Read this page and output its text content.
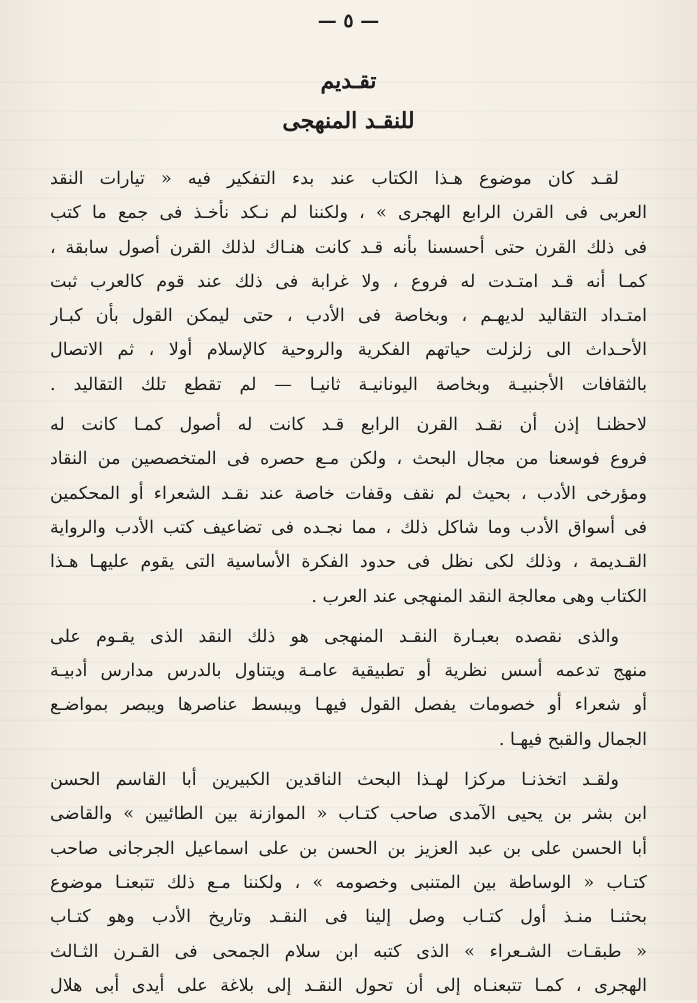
— ٥ —
تقـديم
للنقـد المنهجى

لقـد كان موضوع هـذا الكتاب عند بدء التفكير فيه « تيارات النقد
العربى فى القرن الرابع الهجرى » ، ولكننا لم نـكد نأخـذ فى جمع ما كتب
فى ذلك القرن حتى أحسسنا بأنه قـد كانت هنـاك لذلك القرن أصول سابقة ،
كمـا أنه قـد امتـدت له فروع ، ولا غرابة فى ذلك عند قوم كالعرب ثبت
امتـداد التقاليد لديهـم ، وبخاصة فى الأدب ، حتى ليمكن القول بأن كبـار
الأحـداث الى زلزلت حياتهم الفكرية والروحية كالإسلام أولا ، ثم الاتصال
بالثقافات الأجنبيـة وبخاصة اليونانيـة ثانيـا — لم تقطع تلك التقاليد .

لاحظنـا إذن أن نقـد القرن الرابع قـد كانت له أصول كمـا كانت له
فروع فوسعنا من مجال البحث ، ولكن مـع حصره فى المتخصصين من النقاد
ومؤرخى الأدب ، بحيث لم نقف وقفات خاصة عند نقـد الشعراء أو المحكمين
فى أسواق الأدب وما شاكل ذلك ، مما نجـده فى تضاعيف كتب الأدب والرواية
القـديمة ، وذلك لكى نظل فى حدود الفكرة الأساسية التى يقوم عليهـا هـذا
الكتاب وهى معالجة النقد المنهجى عند العرب .

والذى نقصده بعبـارة النقـد المنهجى هو ذلك النقد الذى يقـوم على
منهج تدعمه أسس نظرية أو تطبيقية عامـة ويتناول بالدرس مدارس أدبيـة
أو شعراء أو خصومات يفصل القول فيهـا ويبسط عناصرها ويبصر بمواضـع
الجمال والقبح فيهـا .

ولقـد اتخذنـا مركزا لهـذا البحث الناقدين الكبيرين أبا القاسم الحسن
ابن بشر بن يحيى الآمدى صاحب كتـاب « الموازنة بين الطائيين » والقاضى
أبا الحسن على بن عبد العزيز بن الحسن بن على اسماعيل الجرجانى صاحب
كتـاب « الوساطة بين المتنبى وخصومه » ، ولكننا مـع ذلك تتبعنـا موضوع
بحثنـا منـذ أول كتـاب وصل إلينا فى النقـد وتاريخ الأدب وهو كتـاب
« طبقـات الشـعراء » الذى كتبه ابن سلام الجمحى فى القـرن الثـالث
الهجرى ، كمـا تتبعنـاه إلى أن تحول النقـد إلى بلاغة على أيدى أبى هلال
